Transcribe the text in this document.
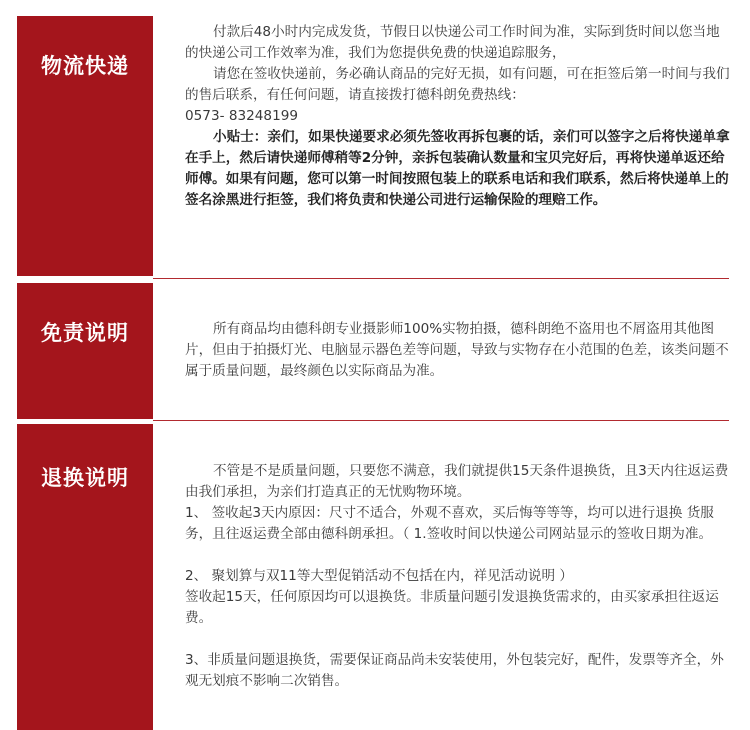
物流快递

付款后48小时内完成发货，节假日以快递公司工作时间为准，实际到货时间以您当地的快递公司工作效率为准，我们为您提供免费的快递追踪服务，

请您在签收快递前，务必确认商品的完好无损，如有问题，可在拒签后第一时间与我们的售后联系，有任何问题，请直接拨打德科朗免费热线：

0573- 83248199

小贴士：亲们，如果快递要求必须先签收再拆包裹的话，亲们可以签字之后将快递单拿在手上，然后请快递师傅稍等2分钟，亲拆包装确认数量和宝贝完好后，再将快递单返还给师傅。如果有问题，您可以第一时间按照包装上的联系电话和我们联系，然后将快递单上的签名涂黑进行拒签，我们将负责和快递公司进行运输保险的理赔工作。

免责说明	所有商品均由德科朗专业摄影师100%实物拍摄，德科朗绝不盗用也不屑盗用其他图片，但由于拍摄灯光、电脑显示器色差等问题，导致与实物存在小范围的色差，该类问题不属于质量问题，最终颜色以实际商品为准。

退换说明	不管是不是质量问题，只要您不满意，我们就提供15天条件退换货，且3天内往返运费由我们承担，为亲们打造真正的无忧购物环境。

1、 签收起3天内原因：尺寸不适合，外观不喜欢，买后悔等等等，均可以进行退换 货服务，且往返运费全部由德科朗承担。（ 1.签收时间以快递公司网站显示的签收日期为准。

2、 聚划算与双11等大型促销活动不包括在内，祥见活动说明 ）

签收起15天，任何原因均可以退换货。非质量问题引发退换货需求的，由买家承担往返运费。

3、非质量问题退换货，需要保证商品尚未安装使用，外包装完好，配件，发票等齐全，外观无划痕不影响二次销售。
